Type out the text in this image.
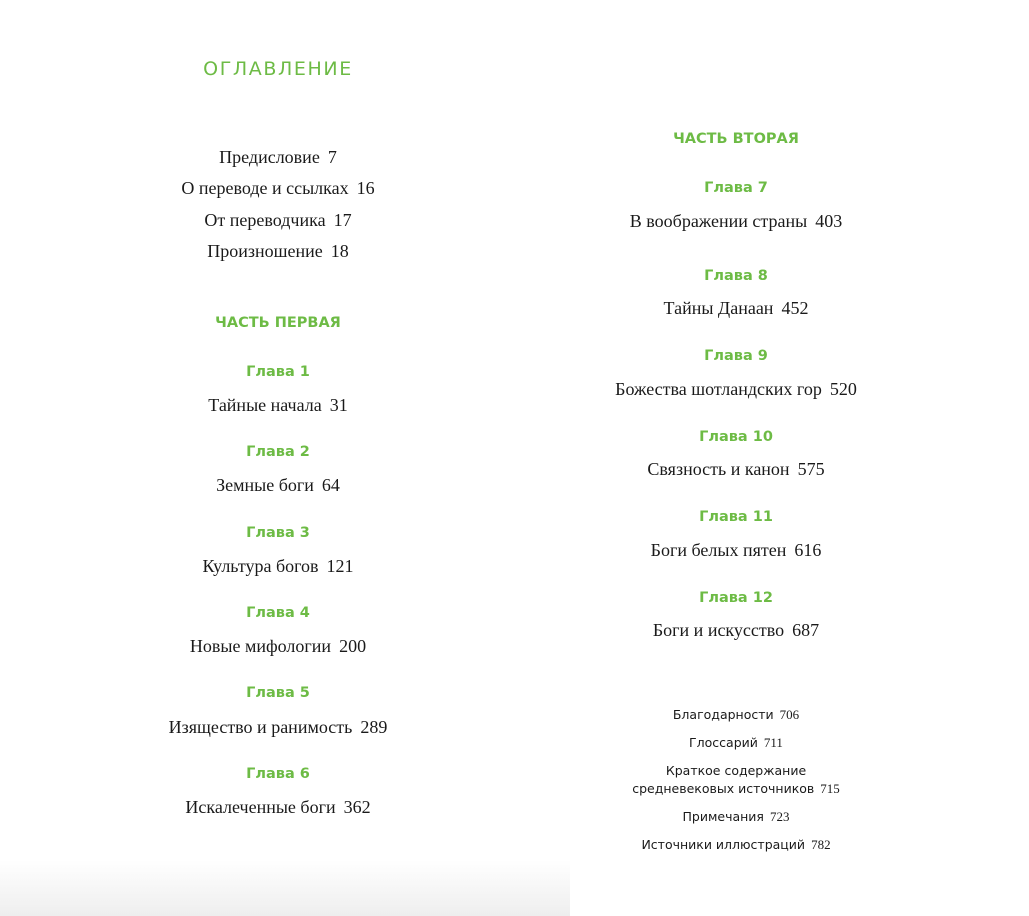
ОГЛАВЛЕНИЕ
Предисловие 7
О переводе и ссылках 16
От переводчика 17
Произношение 18
ЧАСТЬ ПЕРВАЯ
Глава 1
Тайные начала 31
Глава 2
Земные боги 64
Глава 3
Культура богов 121
Глава 4
Новые мифологии 200
Глава 5
Изящество и ранимость 289
Глава 6
Искалеченные боги 362
ЧАСТЬ ВТОРАЯ
Глава 7
В воображении страны 403
Глава 8
Тайны Данаан 452
Глава 9
Божества шотландских гор 520
Глава 10
Связность и канон 575
Глава 11
Боги белых пятен 616
Глава 12
Боги и искусство 687
Благодарности 706
Глоссарий 711
Краткое содержание
средневековых источников 715
Примечания 723
Источники иллюстраций 782
